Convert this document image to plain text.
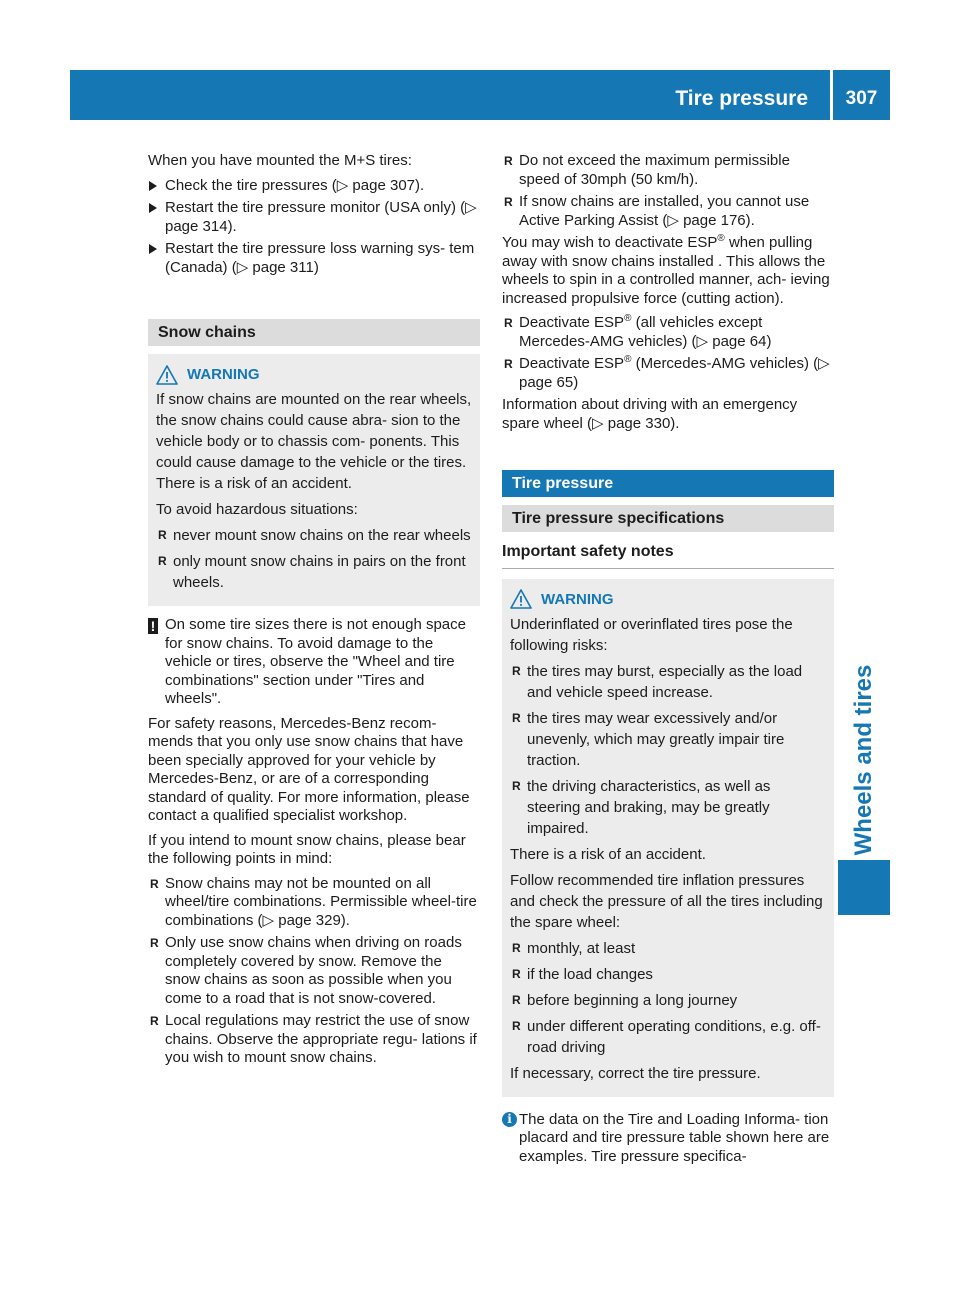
Tire pressure	307
Wheels and tires

When you have mounted the M+S tires:

Check the tire pressures (▷ page 307).
Restart the tire pressure monitor (USA only) (▷ page 314).
Restart the tire pressure loss warning sys- tem (Canada) (▷ page 311)
Snow chains
WARNING

If snow chains are mounted on the rear wheels, the snow chains could cause abra- sion to the vehicle body or to chassis com- ponents. This could cause damage to the vehicle or the tires. There is a risk of an accident.

To avoid hazardous situations:

R never mount snow chains on the rear wheels
R only mount snow chains in pairs on the front wheels.
! On some tire sizes there is not enough space for snow chains. To avoid damage to the vehicle or tires, observe the "Wheel and tire combinations" section under "Tires and wheels".

For safety reasons, Mercedes-Benz recom- mends that you only use snow chains that have been specially approved for your vehicle by Mercedes-Benz, or are of a corresponding standard of quality. For more information, please contact a qualified specialist workshop.

If you intend to mount snow chains, please bear the following points in mind:

R Snow chains may not be mounted on all wheel/tire combinations. Permissible wheel-tire combinations (▷ page 329).
R Only use snow chains when driving on roads completely covered by snow. Remove the snow chains as soon as possible when you come to a road that is not snow-covered.
R Local regulations may restrict the use of snow chains. Observe the appropriate regu- lations if you wish to mount snow chains.
R Do not exceed the maximum permissible speed of 30mph (50 km/h).
R If snow chains are installed, you cannot use Active Parking Assist (▷ page 176).

You may wish to deactivate ESP® when pulling away with snow chains installed . This allows the wheels to spin in a controlled manner, ach- ieving increased propulsive force (cutting action).

R Deactivate ESP® (all vehicles except Mercedes-AMG vehicles) (▷ page 64)
R Deactivate ESP® (Mercedes-AMG vehicles) (▷ page 65)

Information about driving with an emergency spare wheel (▷ page 330).

Tire pressure
Tire pressure specifications
Important safety notes
WARNING

Underinflated or overinflated tires pose the following risks:

R the tires may burst, especially as the load and vehicle speed increase.
R the tires may wear excessively and/or unevenly, which may greatly impair tire traction.
R the driving characteristics, as well as steering and braking, may be greatly impaired.

There is a risk of an accident.

Follow recommended tire inflation pressures and check the pressure of all the tires including the spare wheel:

R monthly, at least
R if the load changes
R before beginning a long journey
R under different operating conditions, e.g. off-road driving

If necessary, correct the tire pressure.

i The data on the Tire and Loading Informa- tion placard and tire pressure table shown here are examples. Tire pressure specifica-
